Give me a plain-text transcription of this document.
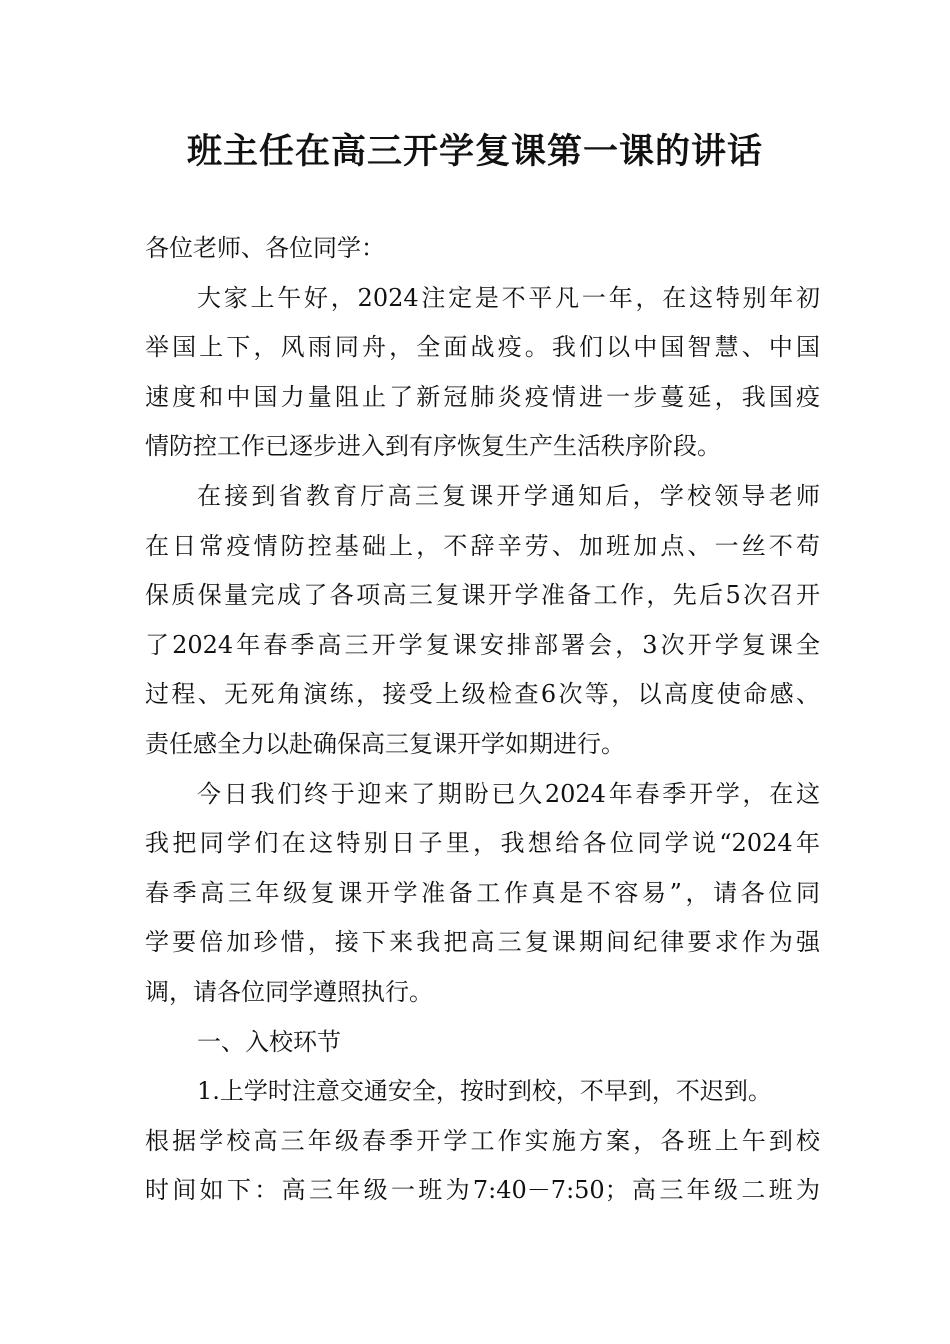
班主任在高三开学复课第一课的讲话
各位老师、各位同学：
大家上午好，2024注定是不平凡一年，在这特别年初
举国上下，风雨同舟，全面战疫。我们以中国智慧、中国
速度和中国力量阻止了新冠肺炎疫情进一步蔓延，我国疫
情防控工作已逐步进入到有序恢复生产生活秩序阶段。
在接到省教育厅高三复课开学通知后，学校领导老师
在日常疫情防控基础上，不辞辛劳、加班加点、一丝不苟
保质保量完成了各项高三复课开学准备工作，先后5次召开
了2024年春季高三开学复课安排部署会，3次开学复课全
过程、无死角演练，接受上级检查6次等，以高度使命感、
责任感全力以赴确保高三复课开学如期进行。
今日我们终于迎来了期盼已久2024年春季开学，在这
我把同学们在这特别日子里，我想给各位同学说“2024年
春季高三年级复课开学准备工作真是不容易”，请各位同
学要倍加珍惜，接下来我把高三复课期间纪律要求作为强
调，请各位同学遵照执行。
一、入校环节
1.上学时注意交通安全，按时到校，不早到，不迟到。
根据学校高三年级春季开学工作实施方案，各班上午到校
时间如下：高三年级一班为7:40－7:50；高三年级二班为
